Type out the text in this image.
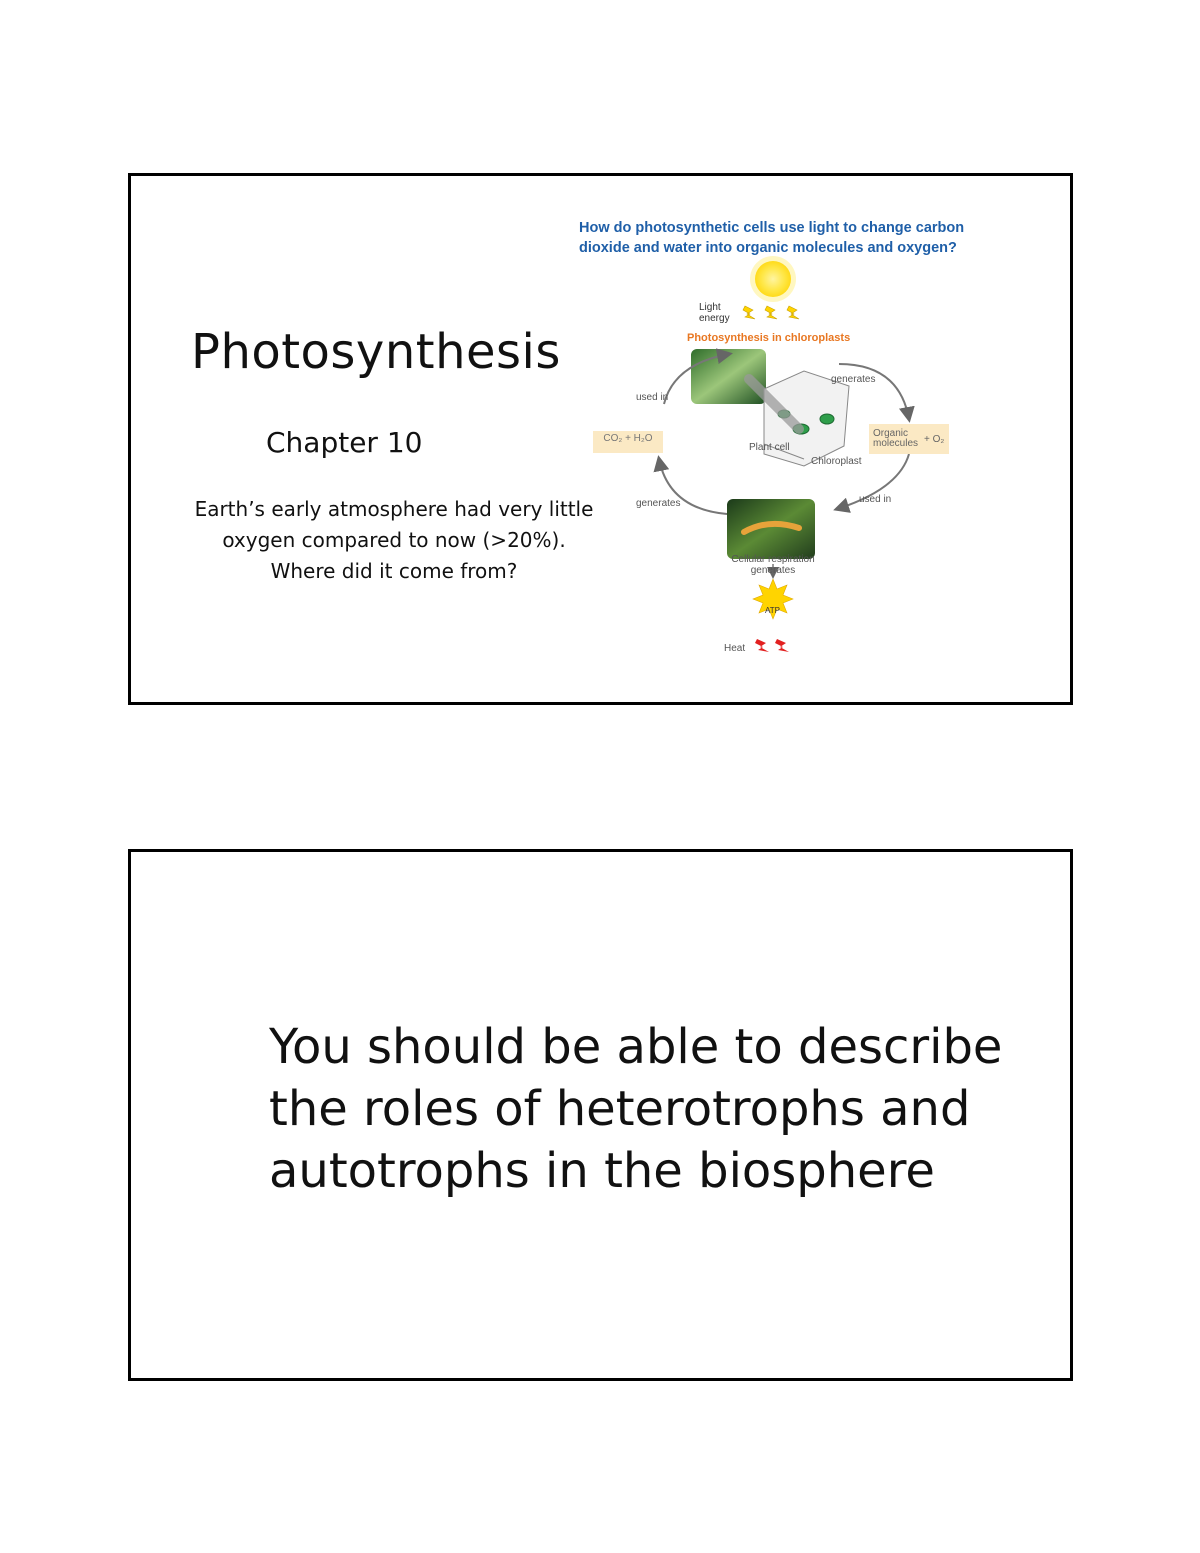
Photosynthesis
Chapter 10
Earth’s early atmosphere had very little
oxygen compared to now (>20%).
Where did it come from?
How do photosynthetic cells use light to change carbon
dioxide and water into organic molecules and oxygen?
Light
energy
Photosynthesis in chloroplasts
used in
generates
generates	used in
Plant cell
Chloroplast
CO₂ + H₂O	Organic
molecules + O₂
Cellular respiration
generates
ATP
Heat
You should be able to describe
the roles of heterotrophs and
autotrophs in the biosphere
